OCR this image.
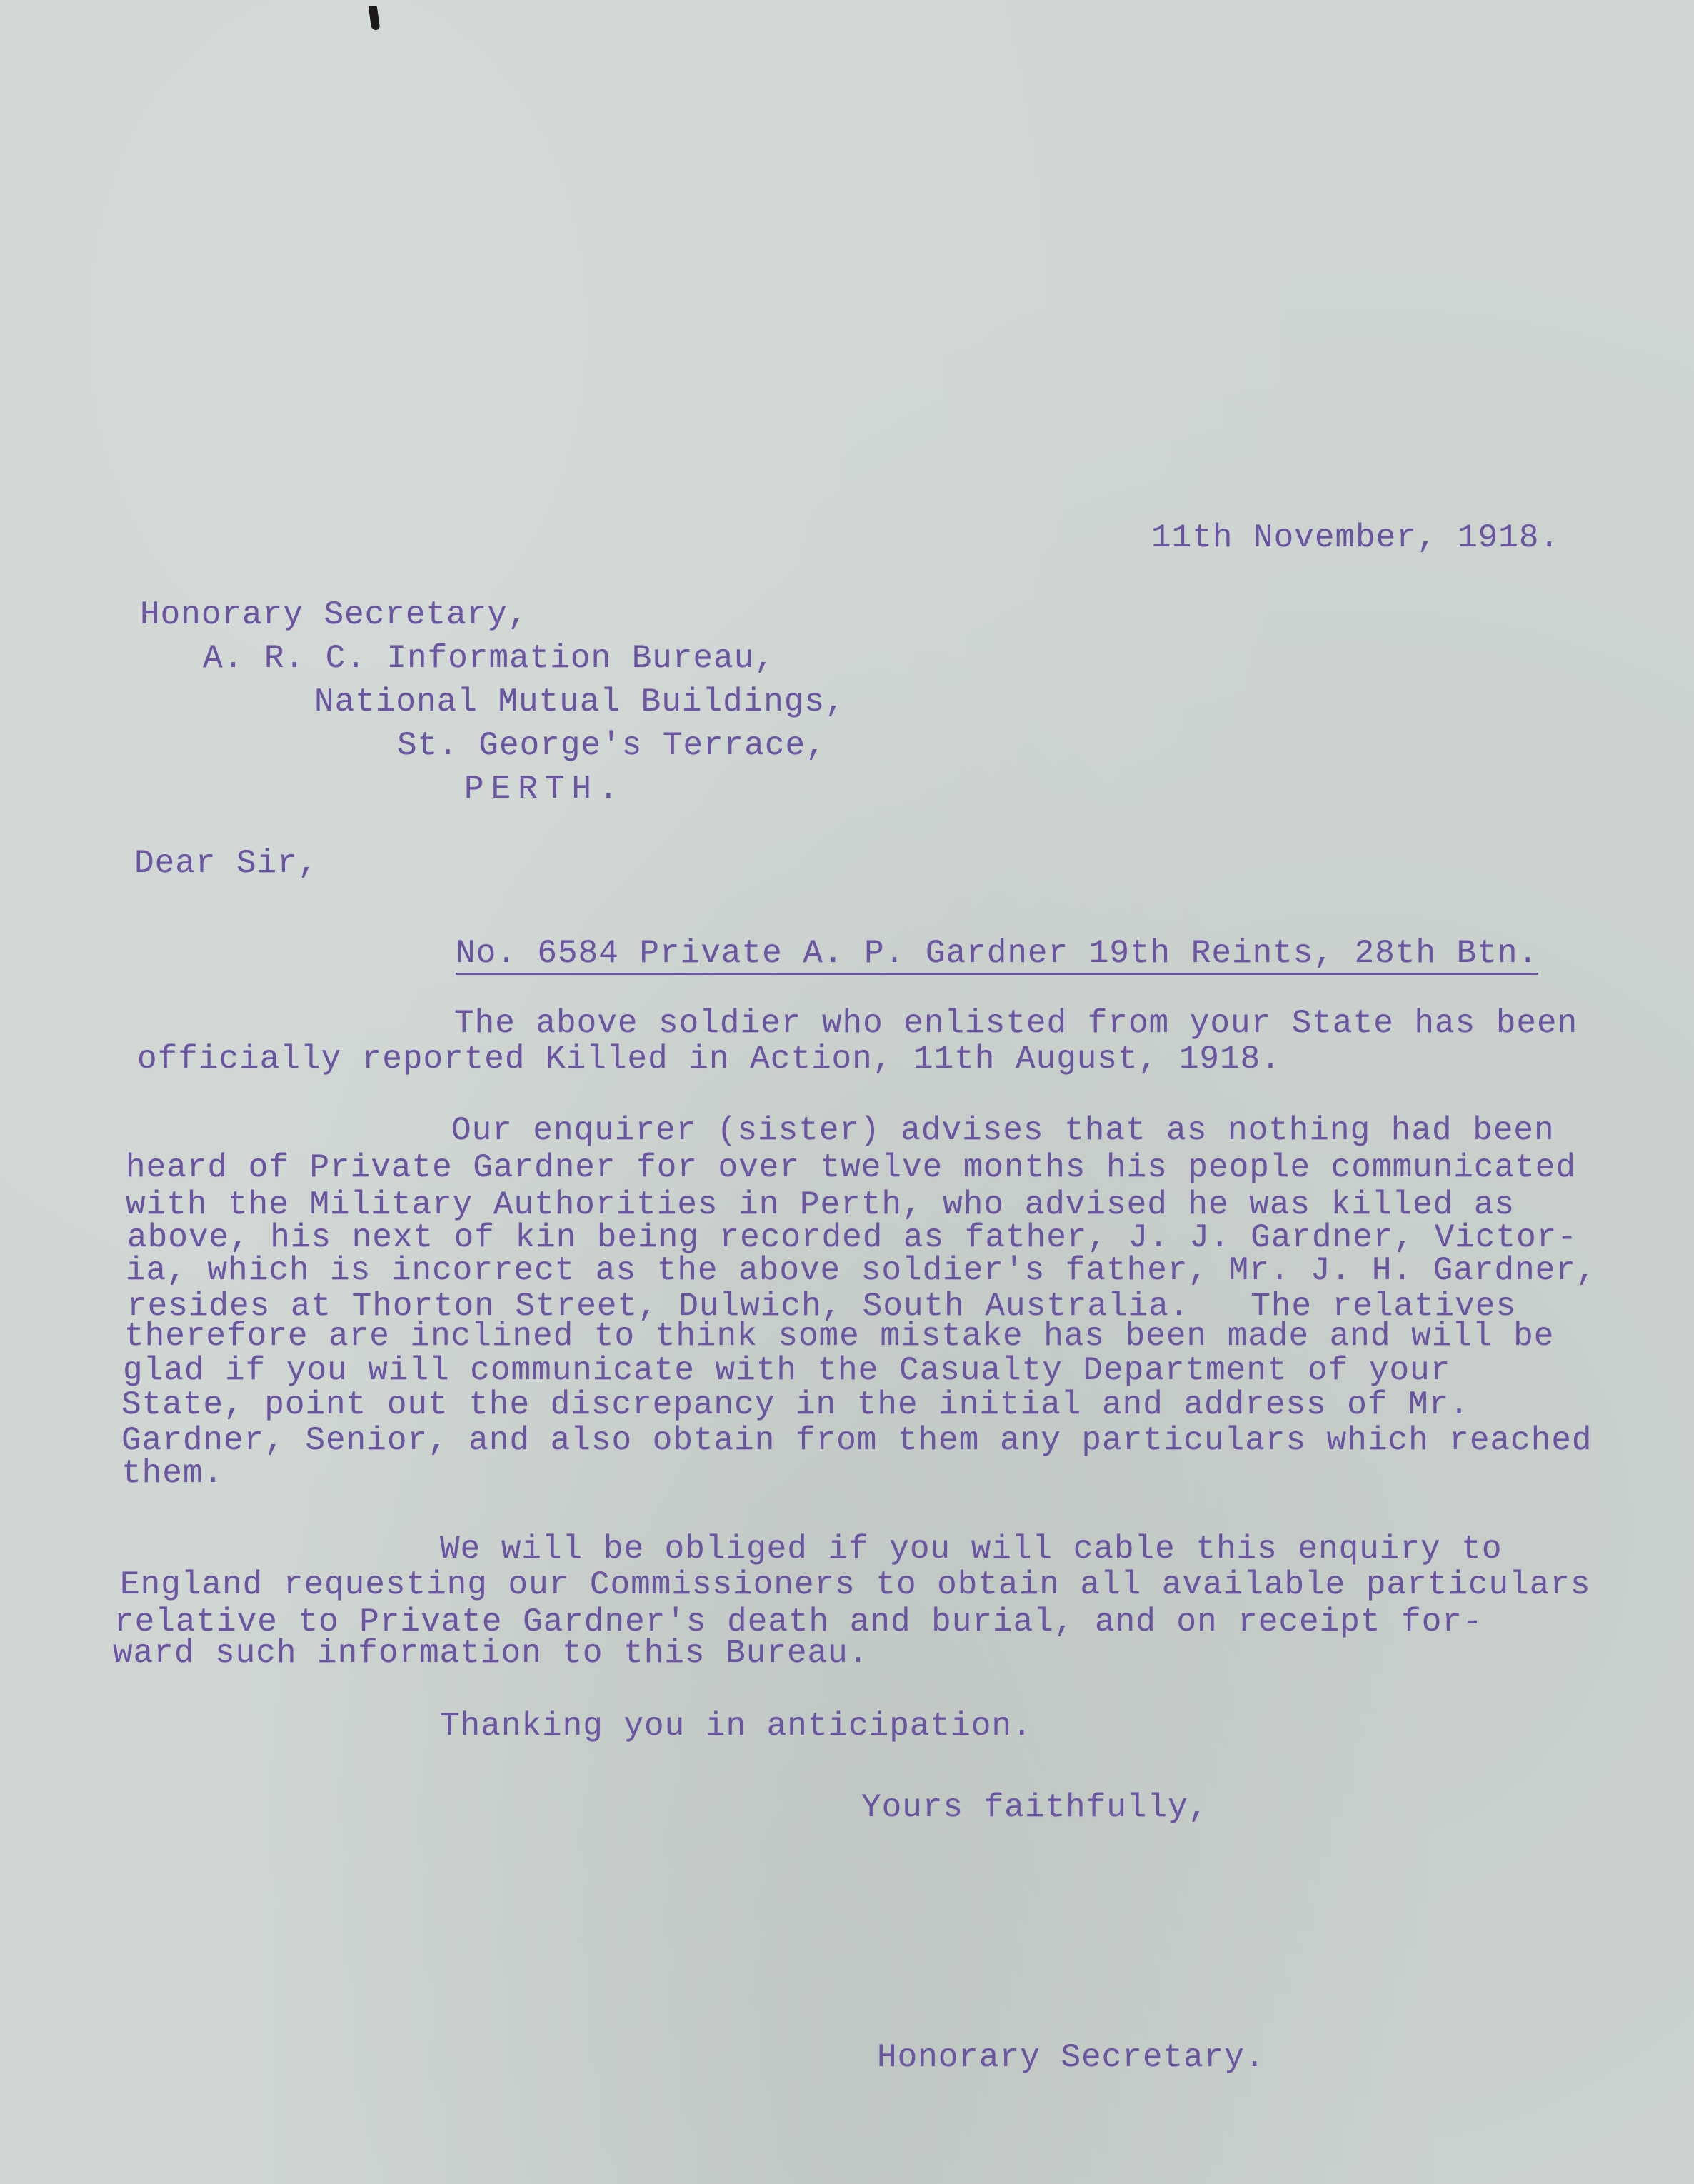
11th November, 1918.

Honorary Secretary,

A. R. C. Information Bureau,

National Mutual Buildings,

St. George's Terrace,

PERTH.

Dear Sir,

No. 6584 Private A. P. Gardner 19th Reints, 28th Btn.

The above soldier who enlisted from your State has been

officially reported Killed in Action, 11th August, 1918.

Our enquirer (sister) advises that as nothing had been

heard of Private Gardner for over twelve months his people communicated

with the Military Authorities in Perth, who advised he was killed as

above, his next of kin being recorded as father, J. J. Gardner, Victor-

ia, which is incorrect as the above soldier's father, Mr. J. H. Gardner,

resides at Thorton Street, Dulwich, South Australia.   The relatives

therefore are inclined to think some mistake has been made and will be

glad if you will communicate with the Casualty Department of your

State, point out the discrepancy in the initial and address of Mr.

Gardner, Senior, and also obtain from them any particulars which reached

them.

We will be obliged if you will cable this enquiry to

England requesting our Commissioners to obtain all available particulars

relative to Private Gardner's death and burial, and on receipt for-

ward such information to this Bureau.

Thanking you in anticipation.

Yours faithfully,

Honorary Secretary.
